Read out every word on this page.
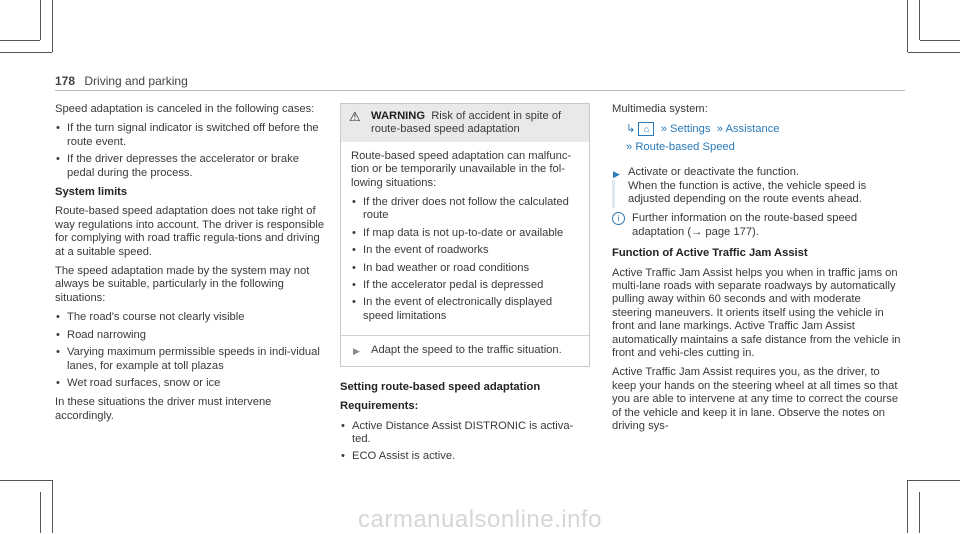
178 Driving and parking

Speed adaptation is canceled in the following cases:

• If the turn signal indicator is switched off before the route event.
• If the driver depresses the accelerator or brake pedal during the process.

System limits

Route-based speed adaptation does not take right of way regulations into account. The driver is responsible for complying with road traffic regula-tions and driving at a suitable speed.

The speed adaptation made by the system may not always be suitable, particularly in the following situations:

• The road's course not clearly visible
• Road narrowing
• Varying maximum permissible speeds in indi-vidual lanes, for example at toll plazas
• Wet road surfaces, snow or ice

In these situations the driver must intervene accordingly.

⚠ WARNING Risk of accident in spite of route-based speed adaptation

Route-based speed adaptation can malfunc-tion or be temporarily unavailable in the fol-lowing situations:

• If the driver does not follow the calculated route
• If map data is not up-to-date or available
• In the event of roadworks
• In bad weather or road conditions
• If the accelerator pedal is depressed
• In the event of electronically displayed speed limitations
▶ Adapt the speed to the traffic situation.

Setting route-based speed adaptation

Requirements:

• Active Distance Assist DISTRONIC is activa-ted.
• ECO Assist is active.

Multimedia system:

↳ ⌂ » Settings » Assistance
» Route-based Speed
▶ Activate or deactivate the function.
When the function is active, the vehicle speed is adjusted depending on the route events ahead.
i	Further information on the route-based speed adaptation (→ page 177).

Function of Active Traffic Jam Assist

Active Traffic Jam Assist helps you when in traffic jams on multi-lane roads with separate roadways by automatically pulling away within 60 seconds and with moderate steering maneuvers. It orients itself using the vehicle in front and lane markings. Active Traffic Jam Assist automatically maintains a safe distance from the vehicle in front and vehi-cles cutting in.

Active Traffic Jam Assist requires you, as the driver, to keep your hands on the steering wheel at all times so that you are able to intervene at any time to correct the course of the vehicle and keep it in lane. Observe the notes on driving sys-

carmanualsonline.info
